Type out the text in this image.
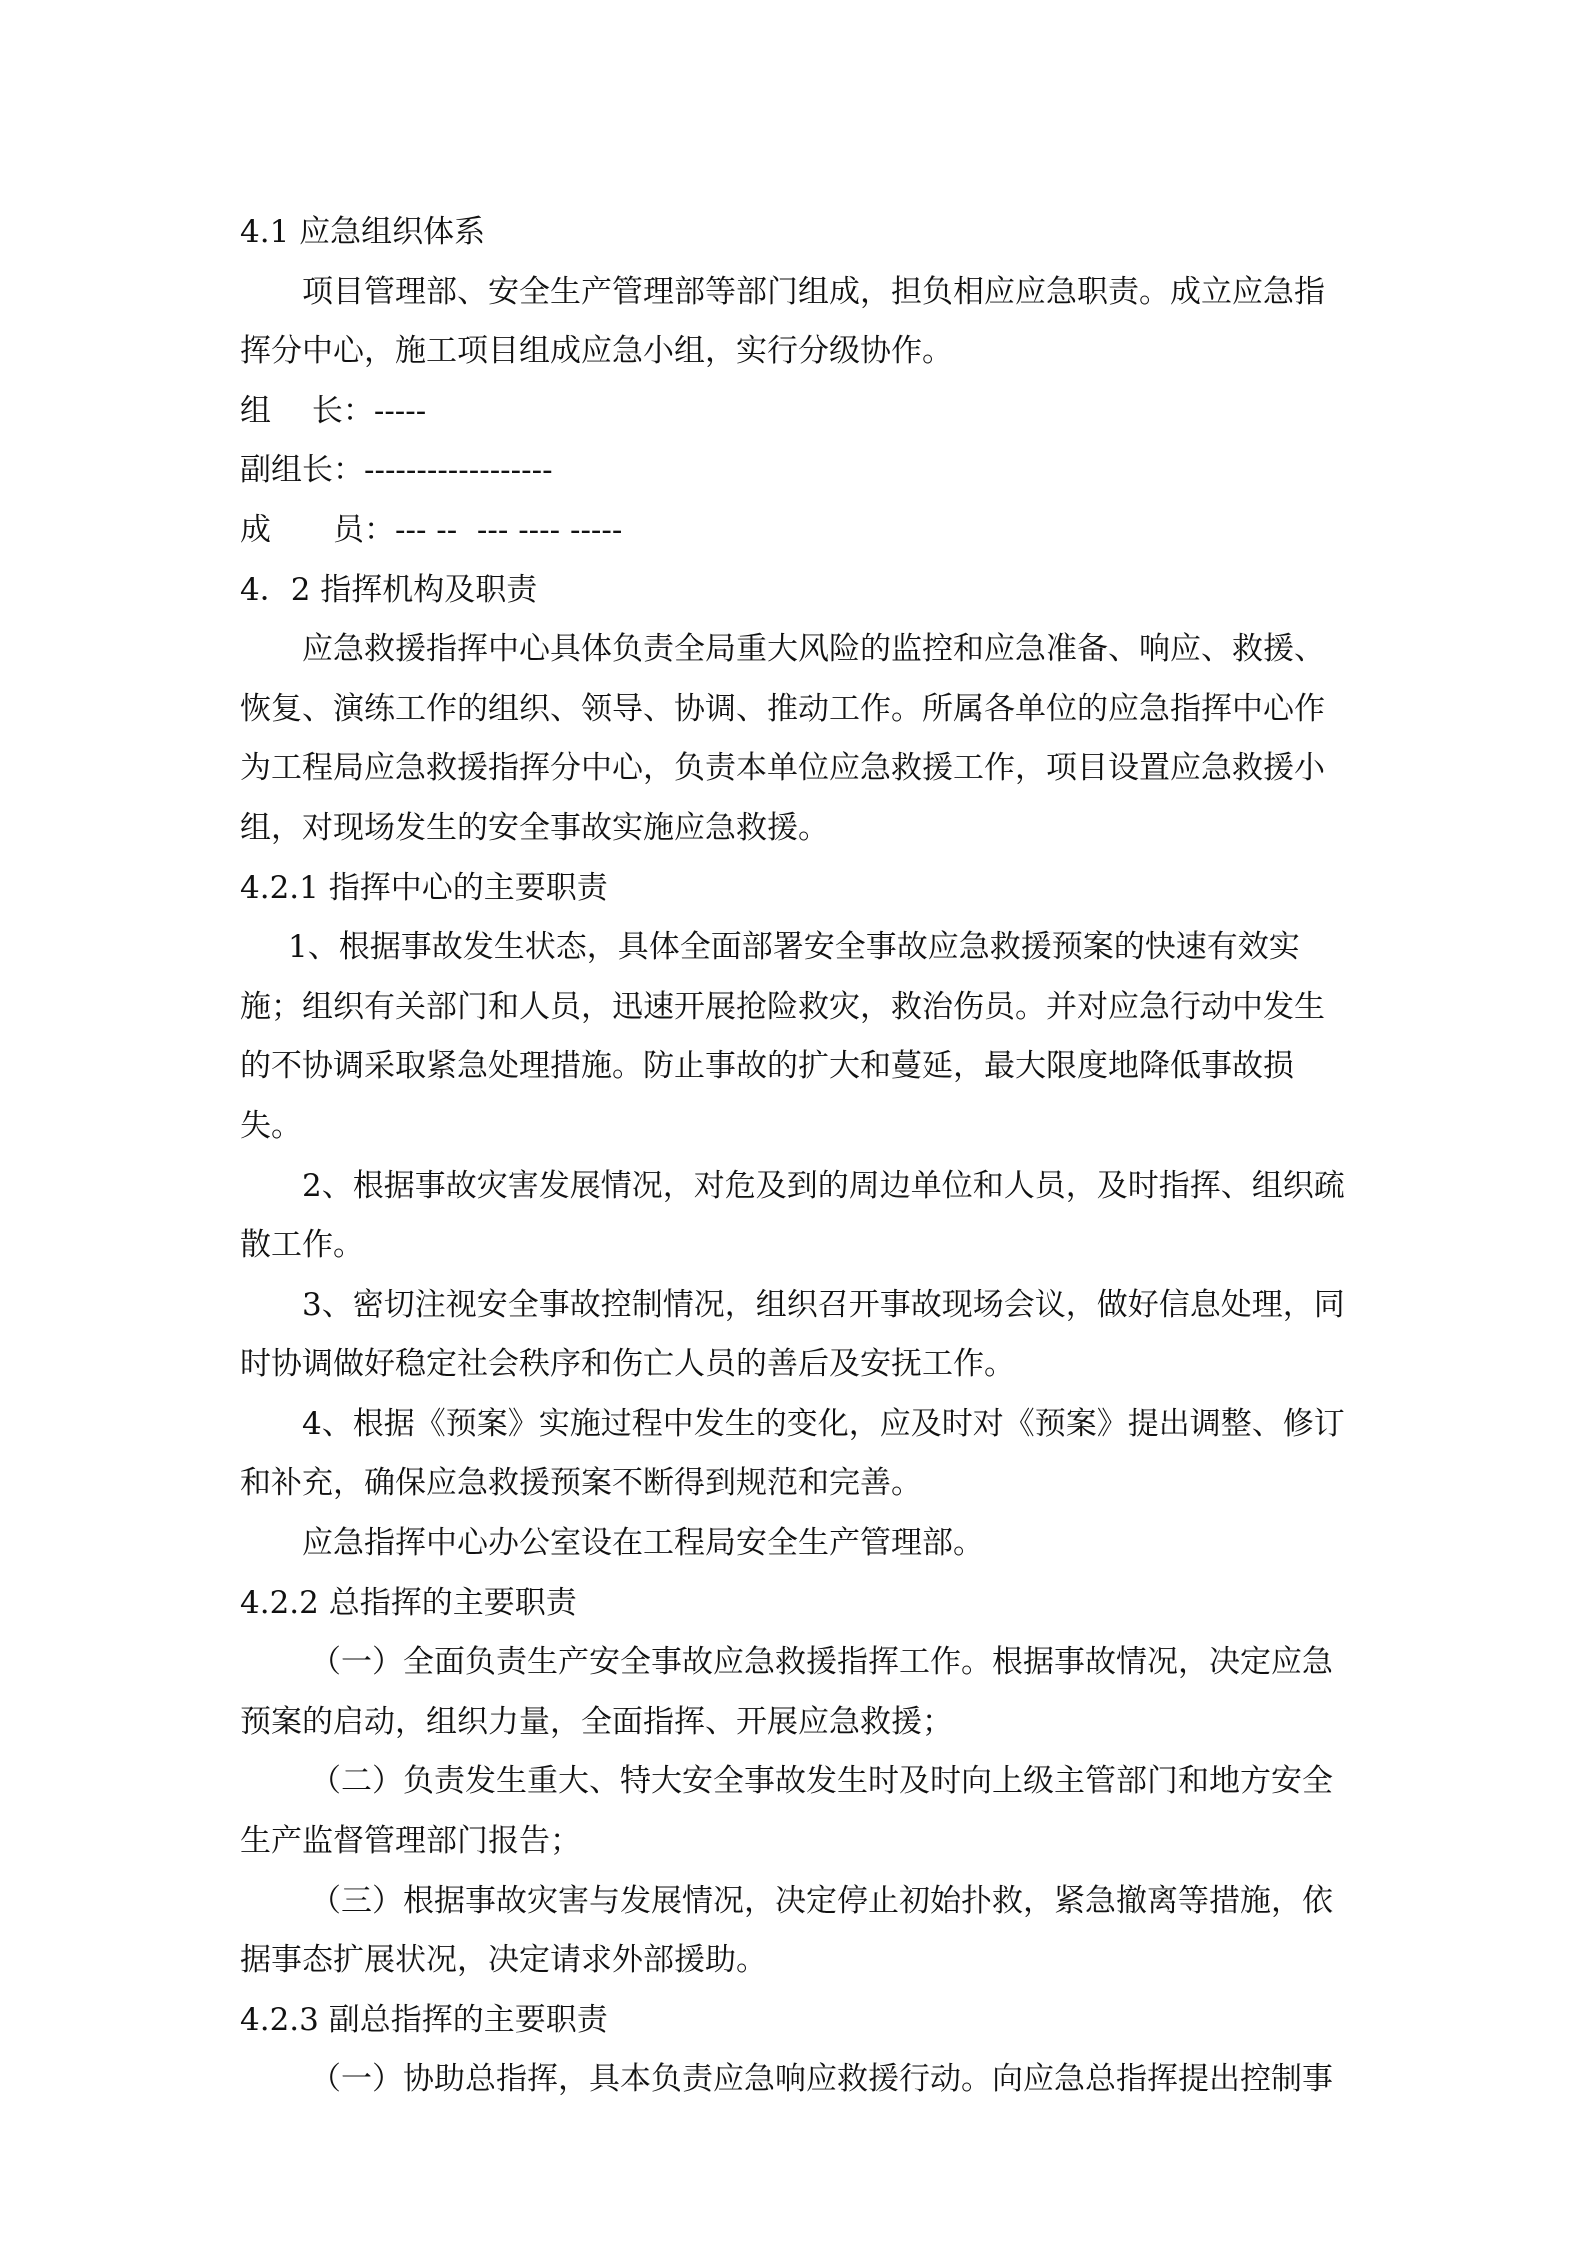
4.1 应急组织体系

项目管理部、安全生产管理部等部门组成，担负相应应急职责。成立应急指挥分中心，施工项目组成应急小组，实行分级协作。

组　 长：-----

副组长：------------------

成　　员：--- --  --- ---- -----

4．2 指挥机构及职责

应急救援指挥中心具体负责全局重大风险的监控和应急准备、响应、救援、恢复、演练工作的组织、领导、协调、推动工作。所属各单位的应急指挥中心作为工程局应急救援指挥分中心，负责本单位应急救援工作，项目设置应急救援小组，对现场发生的安全事故实施应急救援。

4.2.1 指挥中心的主要职责

1、根据事故发生状态，具体全面部署安全事故应急救援预案的快速有效实施；组织有关部门和人员，迅速开展抢险救灾，救治伤员。并对应急行动中发生的不协调采取紧急处理措施。防止事故的扩大和蔓延，最大限度地降低事故损失。

2、根据事故灾害发展情况，对危及到的周边单位和人员，及时指挥、组织疏散工作。

3、密切注视安全事故控制情况，组织召开事故现场会议，做好信息处理，同时协调做好稳定社会秩序和伤亡人员的善后及安抚工作。

4、根据《预案》实施过程中发生的变化，应及时对《预案》提出调整、修订和补充，确保应急救援预案不断得到规范和完善。

应急指挥中心办公室设在工程局安全生产管理部。

4.2.2 总指挥的主要职责

（一）全面负责生产安全事故应急救援指挥工作。根据事故情况，决定应急预案的启动，组织力量，全面指挥、开展应急救援；

（二）负责发生重大、特大安全事故发生时及时向上级主管部门和地方安全生产监督管理部门报告；

（三）根据事故灾害与发展情况，决定停止初始扑救，紧急撤离等措施，依据事态扩展状况，决定请求外部援助。

4.2.3 副总指挥的主要职责

（一）协助总指挥，具本负责应急响应救援行动。向应急总指挥提出控制事
